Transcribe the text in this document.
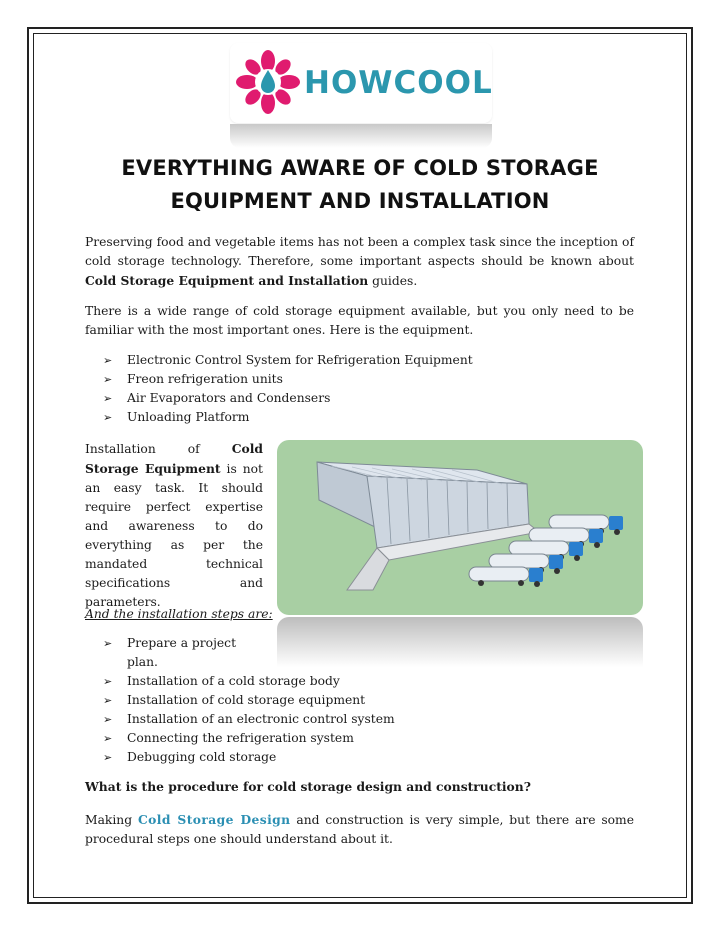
HOWCOOL
EVERYTHING AWARE OF COLD STORAGE
EQUIPMENT AND INSTALLATION

Preserving food and vegetable items has not been a complex task since the inception of cold storage technology. Therefore, some important aspects should be known about Cold Storage Equipment and Installation guides.

There is a wide range of cold storage equipment available, but you only need to be familiar with the most important ones. Here is the equipment.

➢ Electronic Control System for Refrigeration Equipment
➢ Freon refrigeration units
➢ Air Evaporators and Condensers
➢ Unloading Platform

Installation of Cold Storage Equipment is not an easy task. It should require perfect expertise and awareness to do everything as per the mandated technical specifications and parameters.

And the installation steps are:

➢ Prepare a project plan.
➢ Installation of a cold storage body
➢ Installation of cold storage equipment
➢ Installation of an electronic control system
➢ Connecting the refrigeration system
➢ Debugging cold storage

What is the procedure for cold storage design and construction?

Making Cold Storage Design and construction is very simple, but there are some procedural steps one should understand about it.
